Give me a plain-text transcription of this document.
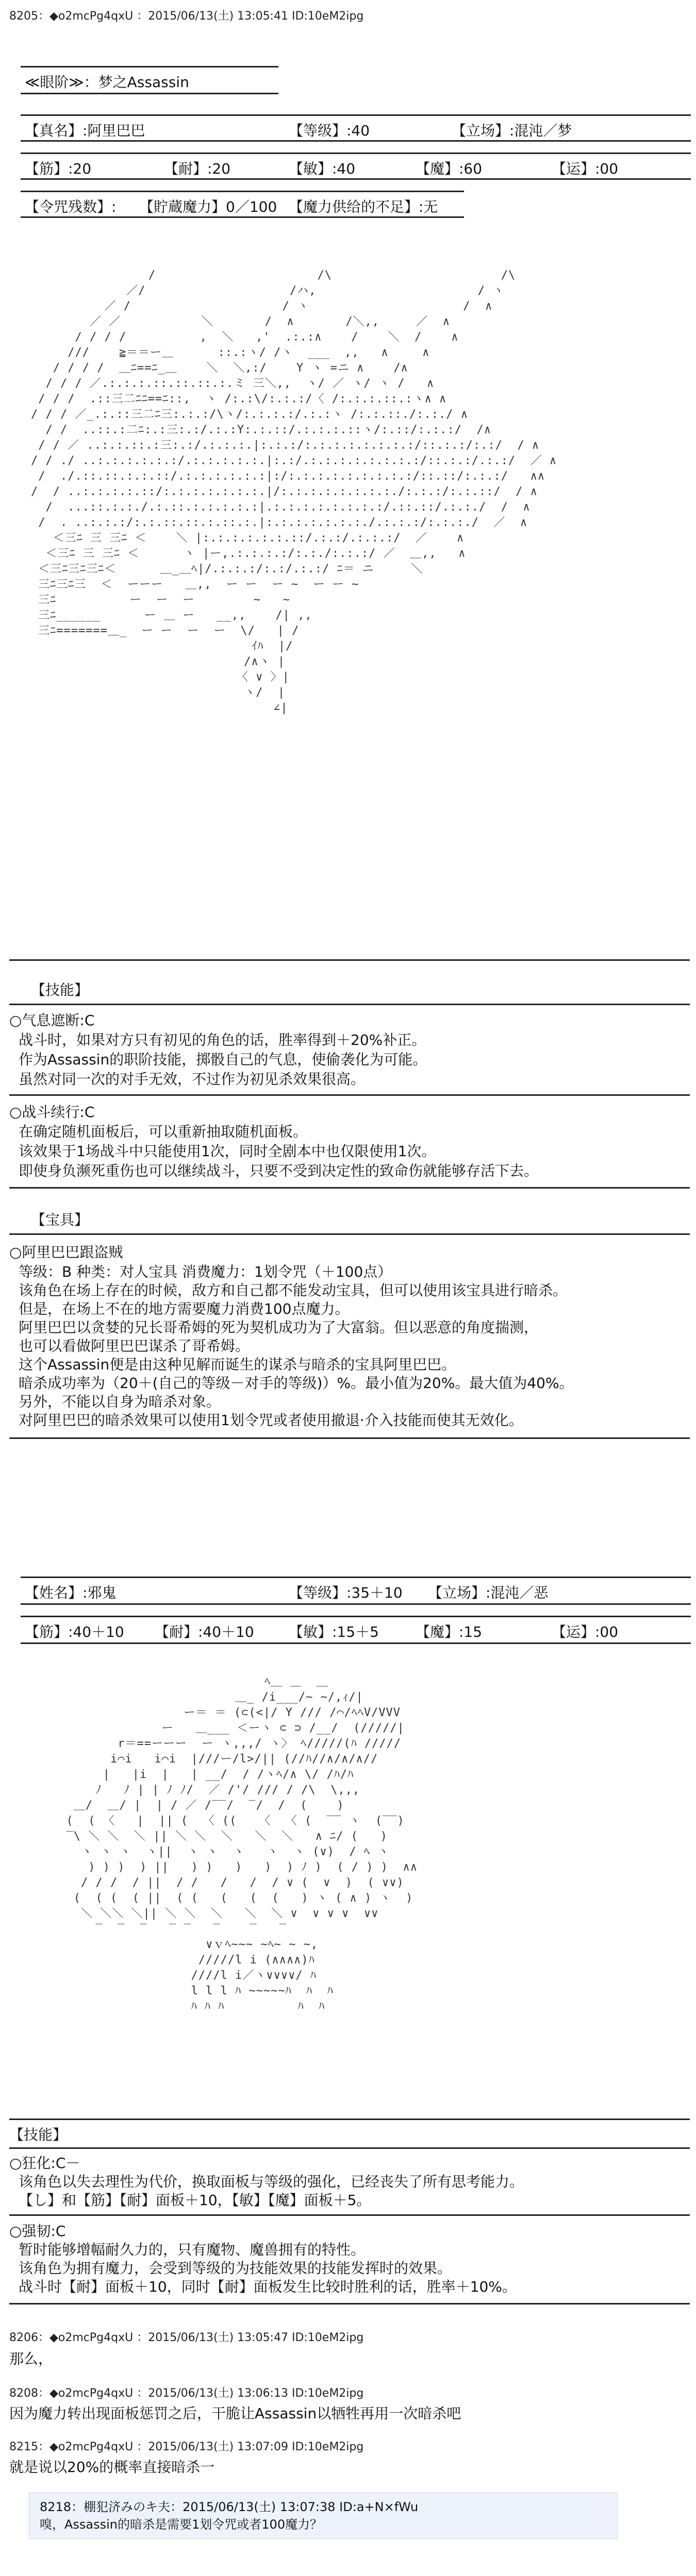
8205：◆o2mcPg4qxU ：2015/06/13(土) 13:05:41 ID:10eM2ipg
≪眼阶≫：梦之Assassin
【真名】:阿里巴巴	【等级】:40	【立场】:混沌／梦
【筋】:20	【耐】:20	【敏】:40	【魔】:60	【运】:00
【令咒残数】: 【貯蔵魔力】0／100 【魔力供给的不足】:无
/                      /\                       /\
／/                 　 /ハ,                      / ヽ
／ /                  　 / ヽ                     /  ∧
／ ／           ＼       /  ∧       /＼,,     ／  ∧
/ / / /          ,  ＼   ,'  .:.:∧    /    ＼  /    ∧
///    ≧＝＝ー＿      ::.:ヽ/ /ヽ  ___  ,,   ∧ 　  ∧
/ / / /  ＿ﾆ==ﾆ_＿    ＼  ＼,:/    Y ヽ =ニ ∧    /∧
/ / / ／.:.:.:.::.::.::.:.ミ 三＼,,  ヽ/ ／ ヽ/ ヽ /   ∧
/ / /  .::三二ﾆﾆ==ﾆ::,  ヽ /:.:\/:.:.:/〈 /:.:.:.::.:ヽ∧ ∧
/ / / ／_.:.::三二ﾆ三:.:.:/\ヽ/:.:.:.:/.:.:ヽ /:.:.::./:.:./ ∧
/ /  ..::.:二ﾆ:.:三:.:/.:.:Y:.:.::/.:.:.:.::ヽ/:.::/:.:.:/  /∧
/ / ／ ..:.:.::.:三:.:/.:.:.:.|:.:.:/:.:.:.:.:.:.:.:/::.:.:/:.:/  / ∧
/ / ./ ..:.:.:.:.:.:/.:.:.:.:.:.|:.:/.:.:.:.:.:.:.:.:/::.:.:/.:.:/  ／ ∧
/  ./.::.::.:.:.::/.:.:.:.:.:.:|:/:.:.:.:.:.:.:.:.:/::.::/:.:.:/   ∧∧
/  / ..:.:.:.:.::/:.:.:.:.:.:.:.|/:.:.:.:.:.:.:.:./:.:.:/:.:.::/  / ∧
/  ...::.:.:./.:.::.:.:.:.:.:|.:.:.:.:.:.:.:.:/.::.::/.:.:./  /  ∧
/  . ..:.:.:/:.:.::.::.:.::.:.|:.:.:.:.:.:.:./.:.:.:/:.:.:./  ／  ∧
＜三ﾆ 三 三ﾆ ＜    ＼ |:.:.:.:.:.:.::/.:.:/.:.:.:/  ／    ∧
＜三ﾆ 三 三ﾆ ＜      ヽ |ー,.:.:.:.:/:.:./:.:.:/ ／  ＿,,   ∧
＜三ﾆ三ﾆ三ﾆ＜      ＿_＿ﾍ|/.:.:.:/:.:/.:.:/ ﾆ＝ ニ     ＼
三ﾆ三ﾆ三  ＜  ーーー   ＿,,  ー ー  ー ~  ー ー ~
三ﾆ          ー  ー  ー        ~   ~
三ﾆ______      ー ＿ ー   __,,    /| ,,
三ﾆ=======＿_  ー ー  ー  ー  \/   | /
ｲﾊ  |/
/∧ヽ |
〈 ∨ 〉|
ヽ/  |
∠|
【技能】
○气息遮断:C
战斗时，如果对方只有初见的角色的话，胜率得到＋20%补正。
作为Assassin的职阶技能，掷骰自己的气息，使偷袭化为可能。
虽然对同一次的对手无效，不过作为初见杀效果很高。
○战斗续行:C
在确定随机面板后，可以重新抽取随机面板。
该效果于1场战斗中只能使用1次，同时全剧本中也仅限使用1次。
即使身负濒死重伤也可以继续战斗，只要不受到决定性的致命伤就能够存活下去。
【宝具】
○阿里巴巴跟盗贼
等级：B 种类：对人宝具 消费魔力：1划令咒（＋100点）
该角色在场上存在的时候，敌方和自己都不能发动宝具，但可以使用该宝具进行暗杀。
但是，在场上不在的地方需要魔力消费100点魔力。
阿里巴巴以贪婪的兄长哥希姆的死为契机成功为了大富翁。但以恶意的角度揣测，
也可以看做阿里巴巴谋杀了哥希姆。
这个Assassin便是由这种见解而诞生的谋杀与暗杀的宝具阿里巴巴。
暗杀成功率为（20＋(自己的等级－对手的等级)）%。最小值为20%。最大值为40%。
另外，不能以自身为暗杀对象。
对阿里巴巴的暗杀效果可以使用1划令咒或者使用撤退·介入技能而使其无效化。
【姓名】:邪鬼	【等级】:35＋10 【立场】:混沌／恶
【筋】:40＋10 【耐】:40＋10 【敏】:15＋5	【魔】:15	【运】:00
ﾍ＿ ＿  ＿
＿_ /i___/~ ~/,ｨ/|
ー＝ ＝ (⊂(<|/ Y /// /⌒/ﾍﾍV/VVV
ー   ＿___ ＜ーヽ ⊂ ⊃ /__/  (/////|
r＝==ーーー  ー ヽ,,,/ ヽ〉 ﾍ/////(ﾊ /////
i⌒i   i⌒i  |///ー/l>/|| (//ﾊ//∧/∧/∧//
|   |i  |   | __/  / /ヽﾍ/∧ \/ /ﾊ/ﾊ
ﾉ   ﾉ | | ﾉ ﾉ/  ／ /'/ /// / /\  \,,,
＿/  ＿/ |  | / ／ /‾‾/  ‾/  /  (    )
(  ( 〈   |  || (  〈 ((   〈  〈 (  ‾‾ ヽ  (‾‾)
‾\ ＼ ＼  ＼ || ＼ ＼  ＼   ＼  ＼   ∧ ﾆ/ (   )
ヽ ヽ ヽ  ヽ||  ヽ ヽ  ヽ   ヽ  ヽ (∨)  / ﾍ ヽ
) ) )  ) ||   ) )   )   )  ) ﾉ )  ( / ) )  ∧∧
/ / /  / ||  / /   /   /  / ∨ (  ∨  )  ( ∨∨)
(  ( (  ( ||  ( (   (   (  (   ) ヽ ( ∧ ) ヽ  )
＼ ＼＼ ＼|| ＼ ＼  ＼   ＼  ＼ ∨  ∨ ∨ ∨  ∨∨
‾  ‾  ‾   ‾ ‾   ‾    ‾   ‾
∨ｖﾍ~~~ ~ﾍ~ ~ ~,
/////l i (∧∧∧∧)ﾊ
////l i／ヽ∨∨∨∨/ ﾊ
l l l ﾊ ~~~~~ﾊ  ﾊ  ﾊ
ﾊ ﾊ ﾊ          ﾊ  ﾊ
【技能】
○狂化:C－
该角色以失去理性为代价，换取面板与等级的强化，已经丧失了所有思考能力。
【し】和【筋】【耐】面板＋10，【敏】【魔】面板＋5。
○强韧:C
暂时能够增幅耐久力的，只有魔物、魔兽拥有的特性。
该角色为拥有魔力，会受到等级的为技能效果的技能发挥时的效果。
战斗时【耐】面板＋10，同时【耐】面板发生比较时胜利的话，胜率＋10%。
8206：◆o2mcPg4qxU ：2015/06/13(土) 13:05:47 ID:10eM2ipg
那么，
8208：◆o2mcPg4qxU ：2015/06/13(土) 13:06:13 ID:10eM2ipg
因为魔力转出现面板惩罚之后，干脆让Assassin以牺牲再用一次暗杀吧
8215：◆o2mcPg4qxU ：2015/06/13(土) 13:07:09 ID:10eM2ipg
就是说以20%的概率直接暗杀一
8218：棚犯济みのキ夫：2015/06/13(土) 13:07:38 ID:a+N×fWu
嗅，Assassin的暗杀是需要1划令咒或者100魔力？
